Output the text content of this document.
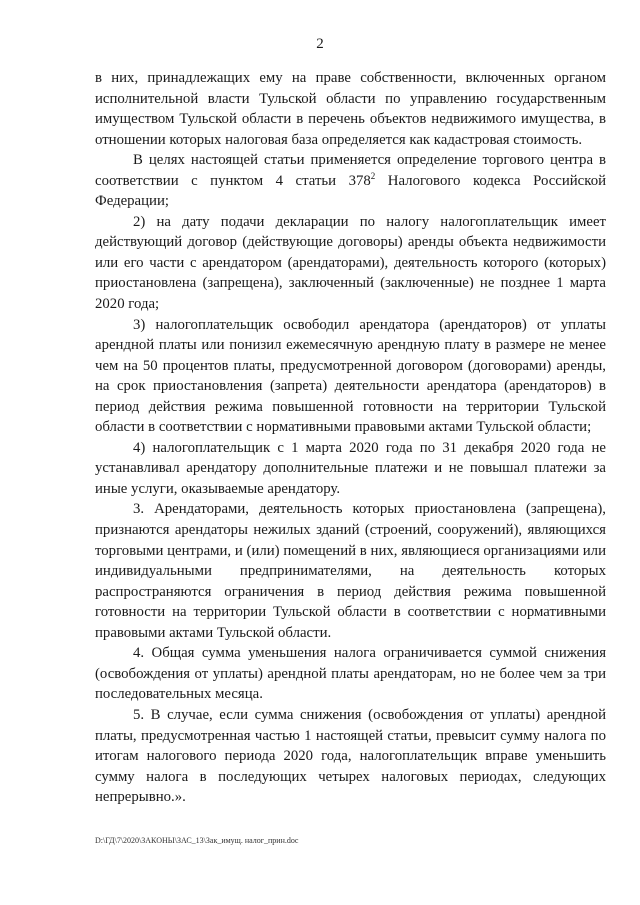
2

в них, принадлежащих ему на праве собственности, включенных органом исполнительной власти Тульской области по управлению государственным имуществом Тульской области в перечень объектов недвижимого имущества, в отношении которых налоговая база определяется как кадастровая стоимость.

В целях настоящей статьи применяется определение торгового центра в соответствии с пунктом 4 статьи $378^2$ Налогового кодекса Российской Федерации;

2) на дату подачи декларации по налогу налогоплательщик имеет действующий договор (действующие договоры) аренды объекта недвижимости или его части с арендатором (арендаторами), деятельность которого (которых) приостановлена (запрещена), заключенный (заключенные) не позднее 1 марта 2020 года;

3) налогоплательщик освободил арендатора (арендаторов) от уплаты арендной платы или понизил ежемесячную арендную плату в размере не менее чем на 50 процентов платы, предусмотренной договором (договорами) аренды, на срок приостановления (запрета) деятельности арендатора (арендаторов) в период действия режима повышенной готовности на территории Тульской области в соответствии с нормативными правовыми актами Тульской области;

4) налогоплательщик с 1 марта 2020 года по 31 декабря 2020 года не устанавливал арендатору дополнительные платежи и не повышал платежи за иные услуги, оказываемые арендатору.

3. Арендаторами, деятельность которых приостановлена (запрещена), признаются арендаторы нежилых зданий (строений, сооружений), являющихся торговыми центрами, и (или) помещений в них, являющиеся организациями или индивидуальными предпринимателями, на деятельность которых распространяются ограничения в период действия режима повышенной готовности на территории Тульской области в соответствии с нормативными правовыми актами Тульской области.

4. Общая сумма уменьшения налога ограничивается суммой снижения (освобождения от уплаты) арендной платы арендаторам, но не более чем за три последовательных месяца.

5. В случае, если сумма снижения (освобождения от уплаты) арендной платы, предусмотренная частью 1 настоящей статьи, превысит сумму налога по итогам налогового периода 2020 года, налогоплательщик вправе уменьшить сумму налога в последующих четырех налоговых периодах, следующих непрерывно.».

D:\ГД\7\2020\ЗАКОНЫ\ЗАС_13\Зак_имущ. налог_прин.doc
